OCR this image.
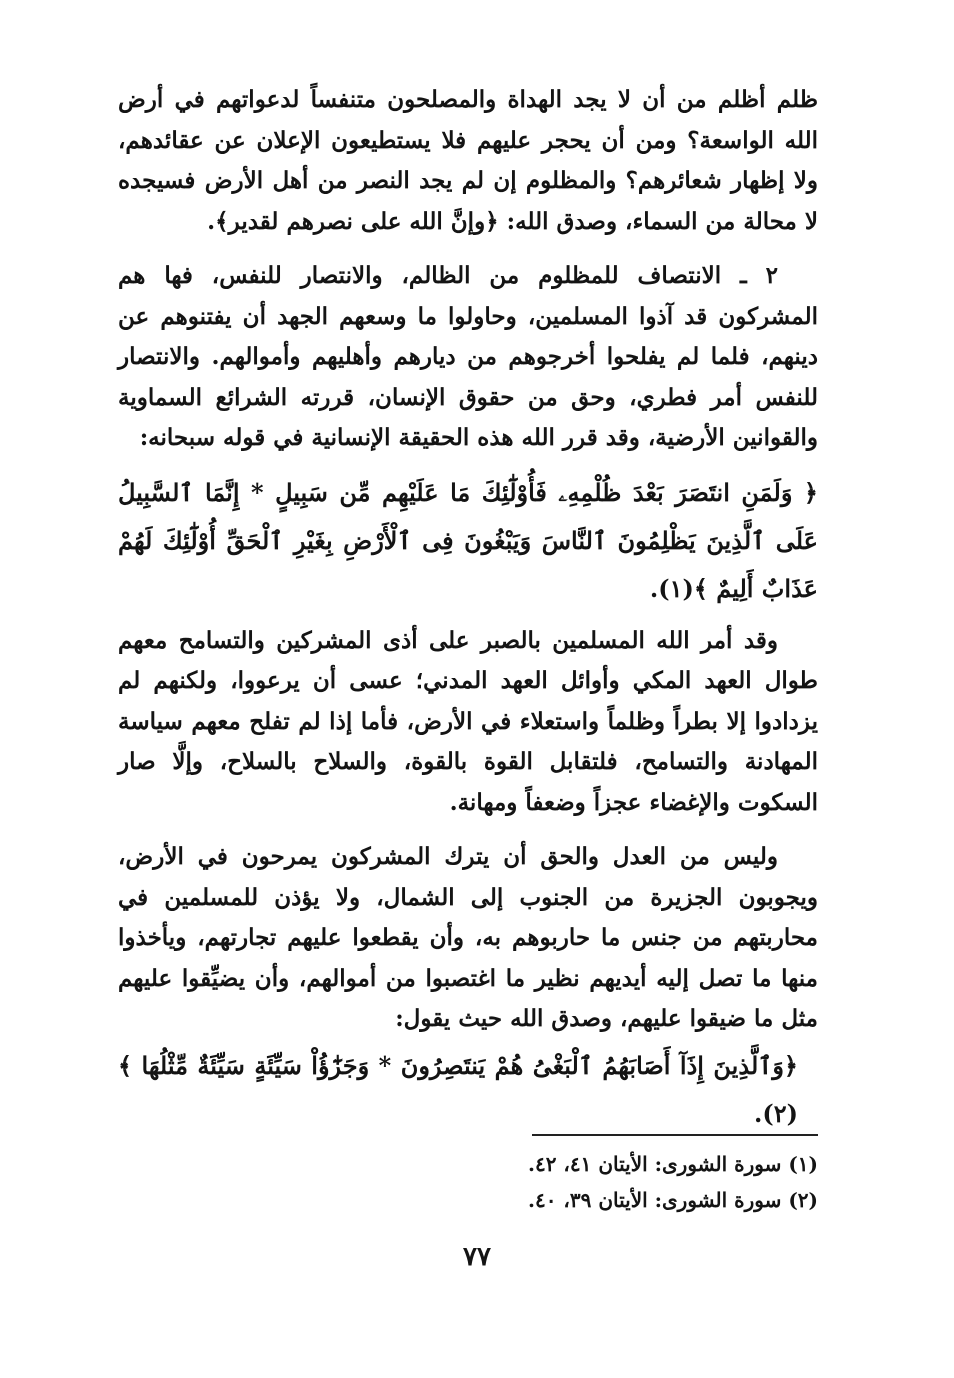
ظلم أظلم من أن لا يجد الهداة والمصلحون متنفساً لدعواتهم في أرض الله الواسعة؟ ومن أن يحجر عليهم فلا يستطيعون الإعلان عن عقائدهم، ولا إظهار شعائرهم؟ والمظلوم إن لم يجد النصر من أهل الأرض فسيجده لا محالة من السماء، وصدق الله: ﴿وإنَّ الله على نصرهم لقدير﴾.

٢ ـ الانتصاف للمظلوم من الظالم، والانتصار للنفس، فها هم المشركون قد آذوا المسلمين، وحاولوا ما وسعهم الجهد أن يفتنوهم عن دينهم، فلما لم يفلحوا أخرجوهم من ديارهم وأهليهم وأموالهم. والانتصار للنفس أمر فطري، وحق من حقوق الإنسان، قررته الشرائع السماوية والقوانين الأرضية، وقد قرر الله هذه الحقيقة الإنسانية في قوله سبحانه:

﴿ وَلَمَنِ انتَصَرَ بَعْدَ ظُلْمِهِۦ فَأُوْلَٰٓئِكَ مَا عَلَيْهِم مِّن سَبِيلٍ * إِنَّمَا ٱلسَّبِيلُ عَلَى ٱلَّذِينَ يَظْلِمُونَ ٱلنَّاسَ وَيَبْغُونَ فِى ٱلْأَرْضِ بِغَيْرِ ٱلْحَقِّ أُوْلَٰٓئِكَ لَهُمْ عَذَابٌ أَلِيمٌ ﴾(١).

وقد أمر الله المسلمين بالصبر على أذى المشركين والتسامح معهم طوال العهد المكي وأوائل العهد المدني؛ عسى أن يرعووا، ولكنهم لم يزدادوا إلا بطراً وظلماً واستعلاء في الأرض، فأما إذا لم تفلح معهم سياسة المهادنة والتسامح، فلتقابل القوة بالقوة، والسلاح بالسلاح، وإلَّا صار السكوت والإغضاء عجزاً وضعفاً ومهانة.

وليس من العدل والحق أن يترك المشركون يمرحون في الأرض، ويجوبون الجزيرة من الجنوب إلى الشمال، ولا يؤذن للمسلمين في محاربتهم من جنس ما حاربوهم به، وأن يقطعوا عليهم تجارتهم، ويأخذوا منها ما تصل إليه أيديهم نظير ما اغتصبوا من أموالهم، وأن يضيِّقوا عليهم مثل ما ضيقوا عليهم، وصدق الله حيث يقول:

﴿وَٱلَّذِينَ إِذَآ أَصَابَهُمُ ٱلْبَغْىُ هُمْ يَنتَصِرُونَ * وَجَزَٰٓؤُاْ سَيِّئَةٍ سَيِّئَةٌ مِّثْلُهَا ﴾(٢).

(١) سورة الشورى: الأيتان ٤١، ٤٢.

(٢) سورة الشورى: الأيتان ٣٩، ٤٠.

٧٧
